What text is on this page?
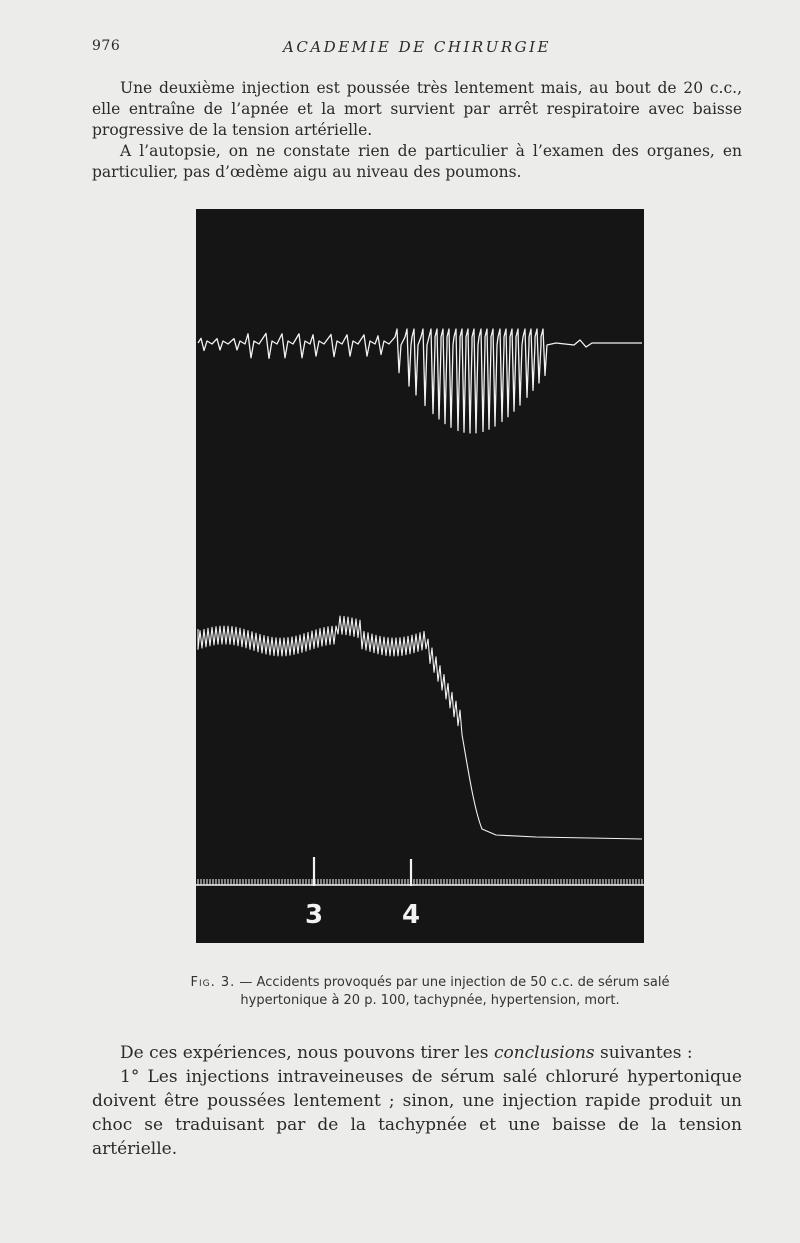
976	ACADEMIE DE CHIRURGIE

Une deuxième injection est poussée très lentement mais, au bout de 20 c.c., elle entraîne de l’apnée et la mort survient par arrêt respiratoire avec baisse progressive de la tension artérielle.

A l’autopsie, on ne constate rien de particulier à l’examen des organes, en particulier, pas d’œdème aigu au niveau des poumons.

3	4
Fig. 3. — Accidents provoqués par une injection de 50 c.c. de sérum salé hypertonique à 20 p. 100, tachypnée, hypertension, mort.

De ces expériences, nous pouvons tirer les conclusions suivantes :

1° Les injections intraveineuses de sérum salé chloruré hypertonique doivent être poussées lentement ; sinon, une injection rapide produit un choc se traduisant par de la tachypnée et une baisse de la tension artérielle.
